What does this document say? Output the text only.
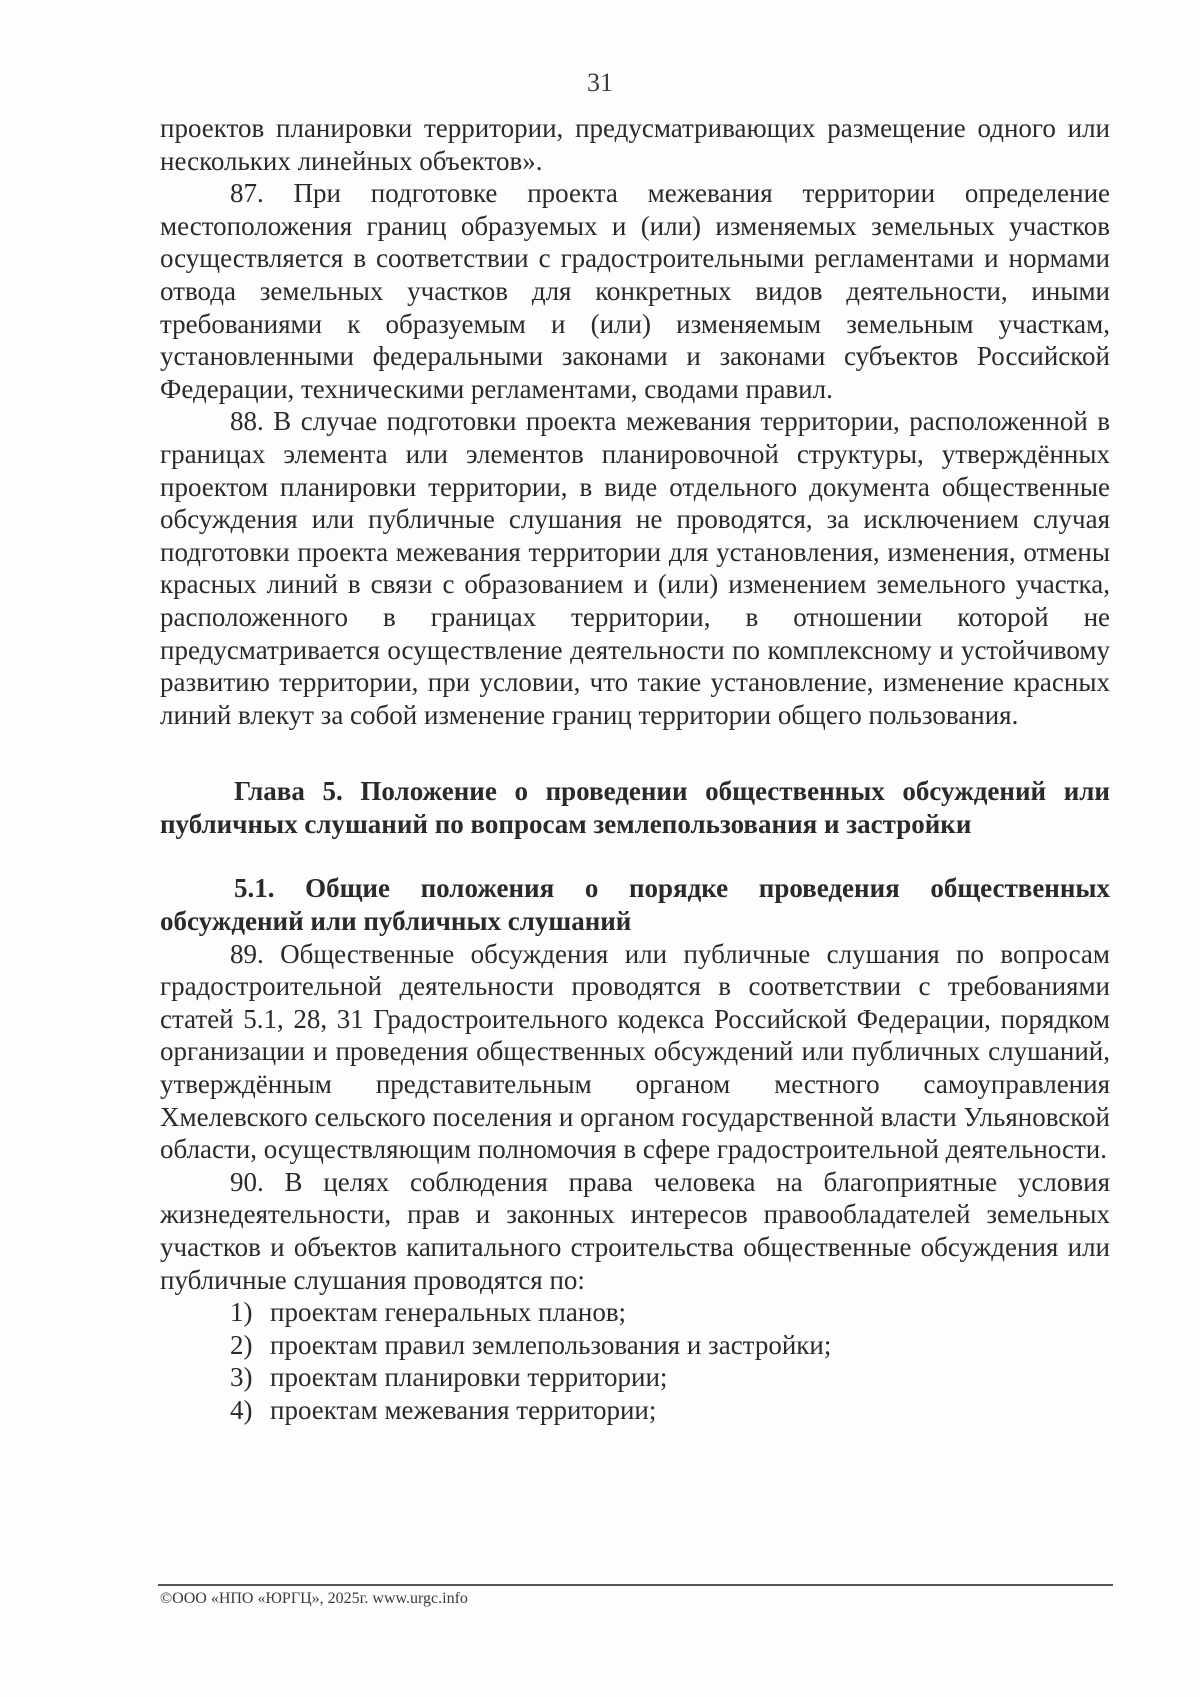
31

проектов планировки территории, предусматривающих размещение одного или нескольких линейных объектов».

87. При подготовке проекта межевания территории определение местоположения границ образуемых и (или) изменяемых земельных участков осуществляется в соответствии с градостроительными регламентами и нормами отвода земельных участков для конкретных видов деятельности, иными требованиями к образуемым и (или) изменяемым земельным участкам, установленными федеральными законами и законами субъектов Российской Федерации, техническими регламентами, сводами правил.

88. В случае подготовки проекта межевания территории, расположенной в границах элемента или элементов планировочной структуры, утверждённых проектом планировки территории, в виде отдельного документа общественные обсуждения или публичные слушания не проводятся, за исключением случая подготовки проекта межевания территории для установления, изменения, отмены красных линий в связи с образованием и (или) изменением земельного участка, расположенного в границах территории, в отношении которой не предусматривается осуществление деятельности по комплексному и устойчивому развитию территории, при условии, что такие установление, изменение красных линий влекут за собой изменение границ территории общего пользования.

Глава 5. Положение о проведении общественных обсуждений или публичных слушаний по вопросам землепользования и застройки

5.1. Общие положения о порядке проведения общественных обсуждений или публичных слушаний

89. Общественные обсуждения или публичные слушания по вопросам градостроительной деятельности проводятся в соответствии с требованиями статей 5.1, 28, 31 Градостроительного кодекса Российской Федерации, порядком организации и проведения общественных обсуждений или публичных слушаний, утверждённым представительным органом местного самоуправления Хмелевского сельского поселения и органом государственной власти Ульяновской области, осуществляющим полномочия в сфере градостроительной деятельности.

90. В целях соблюдения права человека на благоприятные условия жизнедеятельности, прав и законных интересов правообладателей земельных участков и объектов капитального строительства общественные обсуждения или публичные слушания проводятся по:

1) проектам генеральных планов;
2) проектам правил землепользования и застройки;
3) проектам планировки территории;
4) проектам межевания территории;
©ООО «НПО «ЮРГЦ», 2025г. www.urgc.info
